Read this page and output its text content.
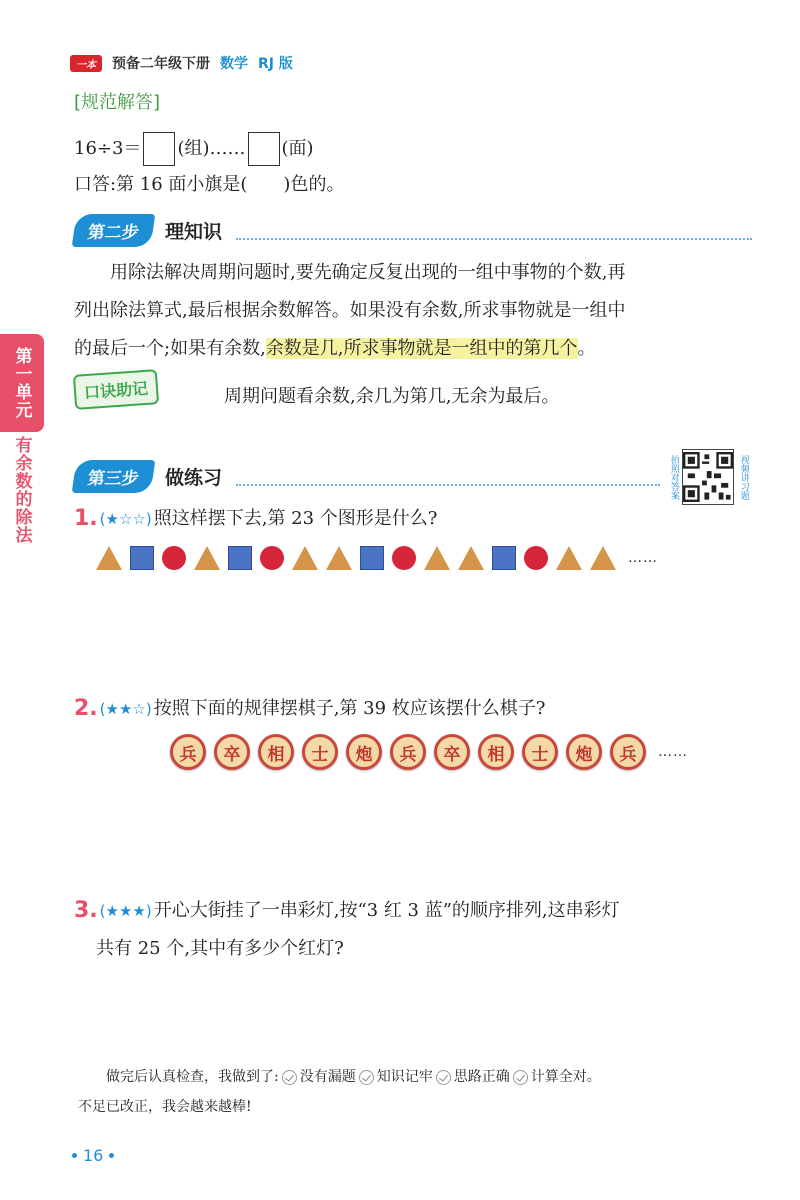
一本	预备二年级下册 数学 RJ 版
第一单元
有余数的除法
[规范解答]
16÷3＝ (组)…… (面)
口答:第 16 面小旗是(　　)色的。
第二步	理知识
用除法解决周期问题时,要先确定反复出现的一组中事物的个数,再
列出除法算式,最后根据余数解答。如果没有余数,所求事物就是一组中
的最后一个;如果有余数,余数是几,所求事物就是一组中的第几个。
口诀助记	周期问题看余数,余几为第几,无余为最后。
第三步	做练习	拍照对答案	视频讲习题
1. (★☆☆) 照这样摆下去,第 23 个图形是什么?
……
2. (★★☆) 按照下面的规律摆棋子,第 39 枚应该摆什么棋子?
兵	卒	相	士	炮	兵	卒	相	士	炮	兵	……
3. (★★★) 开心大街挂了一串彩灯,按“3 红 3 蓝”的顺序排列,这串彩灯
共有 25 个,其中有多少个红灯?
做完后认真检查，我做到了: 没有漏题 知识记牢 思路正确 计算全对。
不足已改正，我会越来越棒!
16
